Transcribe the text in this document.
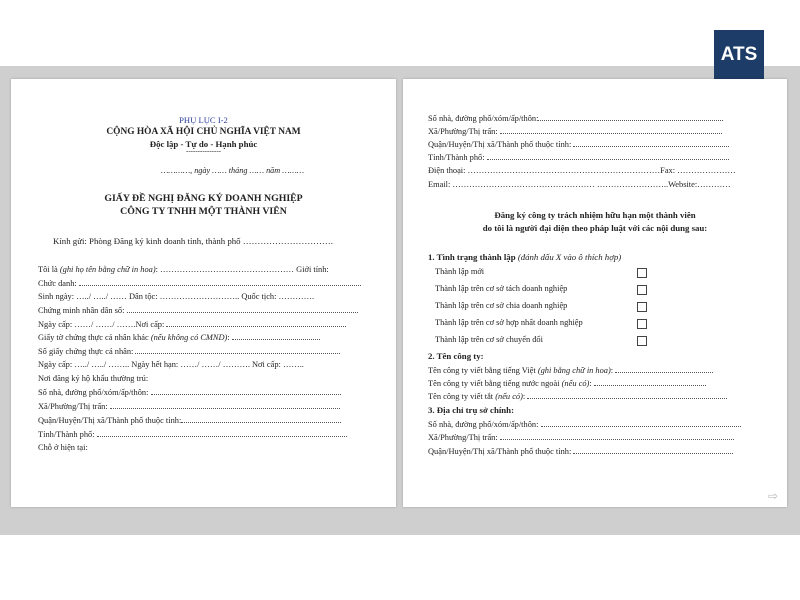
ATS
PHỤ LỤC I-2
CỘNG HÒA XÃ HỘI CHỦ NGHĨA VIỆT NAM
Độc lập - Tự do - Hạnh phúc
---------------
…………, ngày …… tháng …… năm ………
GIẤY ĐỀ NGHỊ ĐĂNG KÝ DOANH NGHIỆP
CÔNG TY TNHH MỘT THÀNH VIÊN
Kính gửi: Phòng Đăng ký kinh doanh tỉnh, thành phố ………………………….
Tôi là (ghi họ tên bằng chữ in hoa): ………………………………………… Giới tính:
Chức danh:
Sinh ngày: …../ …../ …… Dân tộc: ……………………….. Quốc tịch: ………….
Chứng minh nhân dân số:
Ngày cấp: ……/ ……/ …….Nơi cấp:
Giấy tờ chứng thực cá nhân khác (nếu không có CMND):
Số giấy chứng thực cá nhân:
Ngày cấp: …../ …../ …….. Ngày hết hạn: ……/ ……/ ………. Nơi cấp: ……..
Nơi đăng ký hộ khẩu thường trú:
Số nhà, đường phố/xóm/ấp/thôn:
Xã/Phường/Thị trấn:
Quận/Huyện/Thị xã/Thành phố thuộc tỉnh:
Tỉnh/Thành phố:
Chỗ ở hiện tại:
Số nhà, đường phố/xóm/ấp/thôn:
Xã/Phường/Thị trấn:
Quận/Huyện/Thị xã/Thành phố thuộc tỉnh:
Tỉnh/Thành phố:
Điện thoại: ……………………………………………………………Fax: …………………
Email: …………………………………………… ……………………..Website:…………
Đăng ký công ty trách nhiệm hữu hạn một thành viên
do tôi là người đại diện theo pháp luật với các nội dung sau:
1. Tình trạng thành lập (đánh dấu X vào ô thích hợp)
Thành lập mới
Thành lập trên cơ sở tách doanh nghiệp
Thành lập trên cơ sở chia doanh nghiệp
Thành lập trên cơ sở hợp nhất doanh nghiệp
Thành lập trên cơ sở chuyển đổi
2. Tên công ty:
Tên công ty viết bằng tiếng Việt (ghi bằng chữ in hoa):
Tên công ty viết bằng tiếng nước ngoài (nếu có):
Tên công ty viết tắt (nếu có):
3. Địa chỉ trụ sở chính:
Số nhà, đường phố/xóm/ấp/thôn:
Xã/Phường/Thị trấn:
Quận/Huyện/Thị xã/Thành phố thuộc tỉnh:
⇨
